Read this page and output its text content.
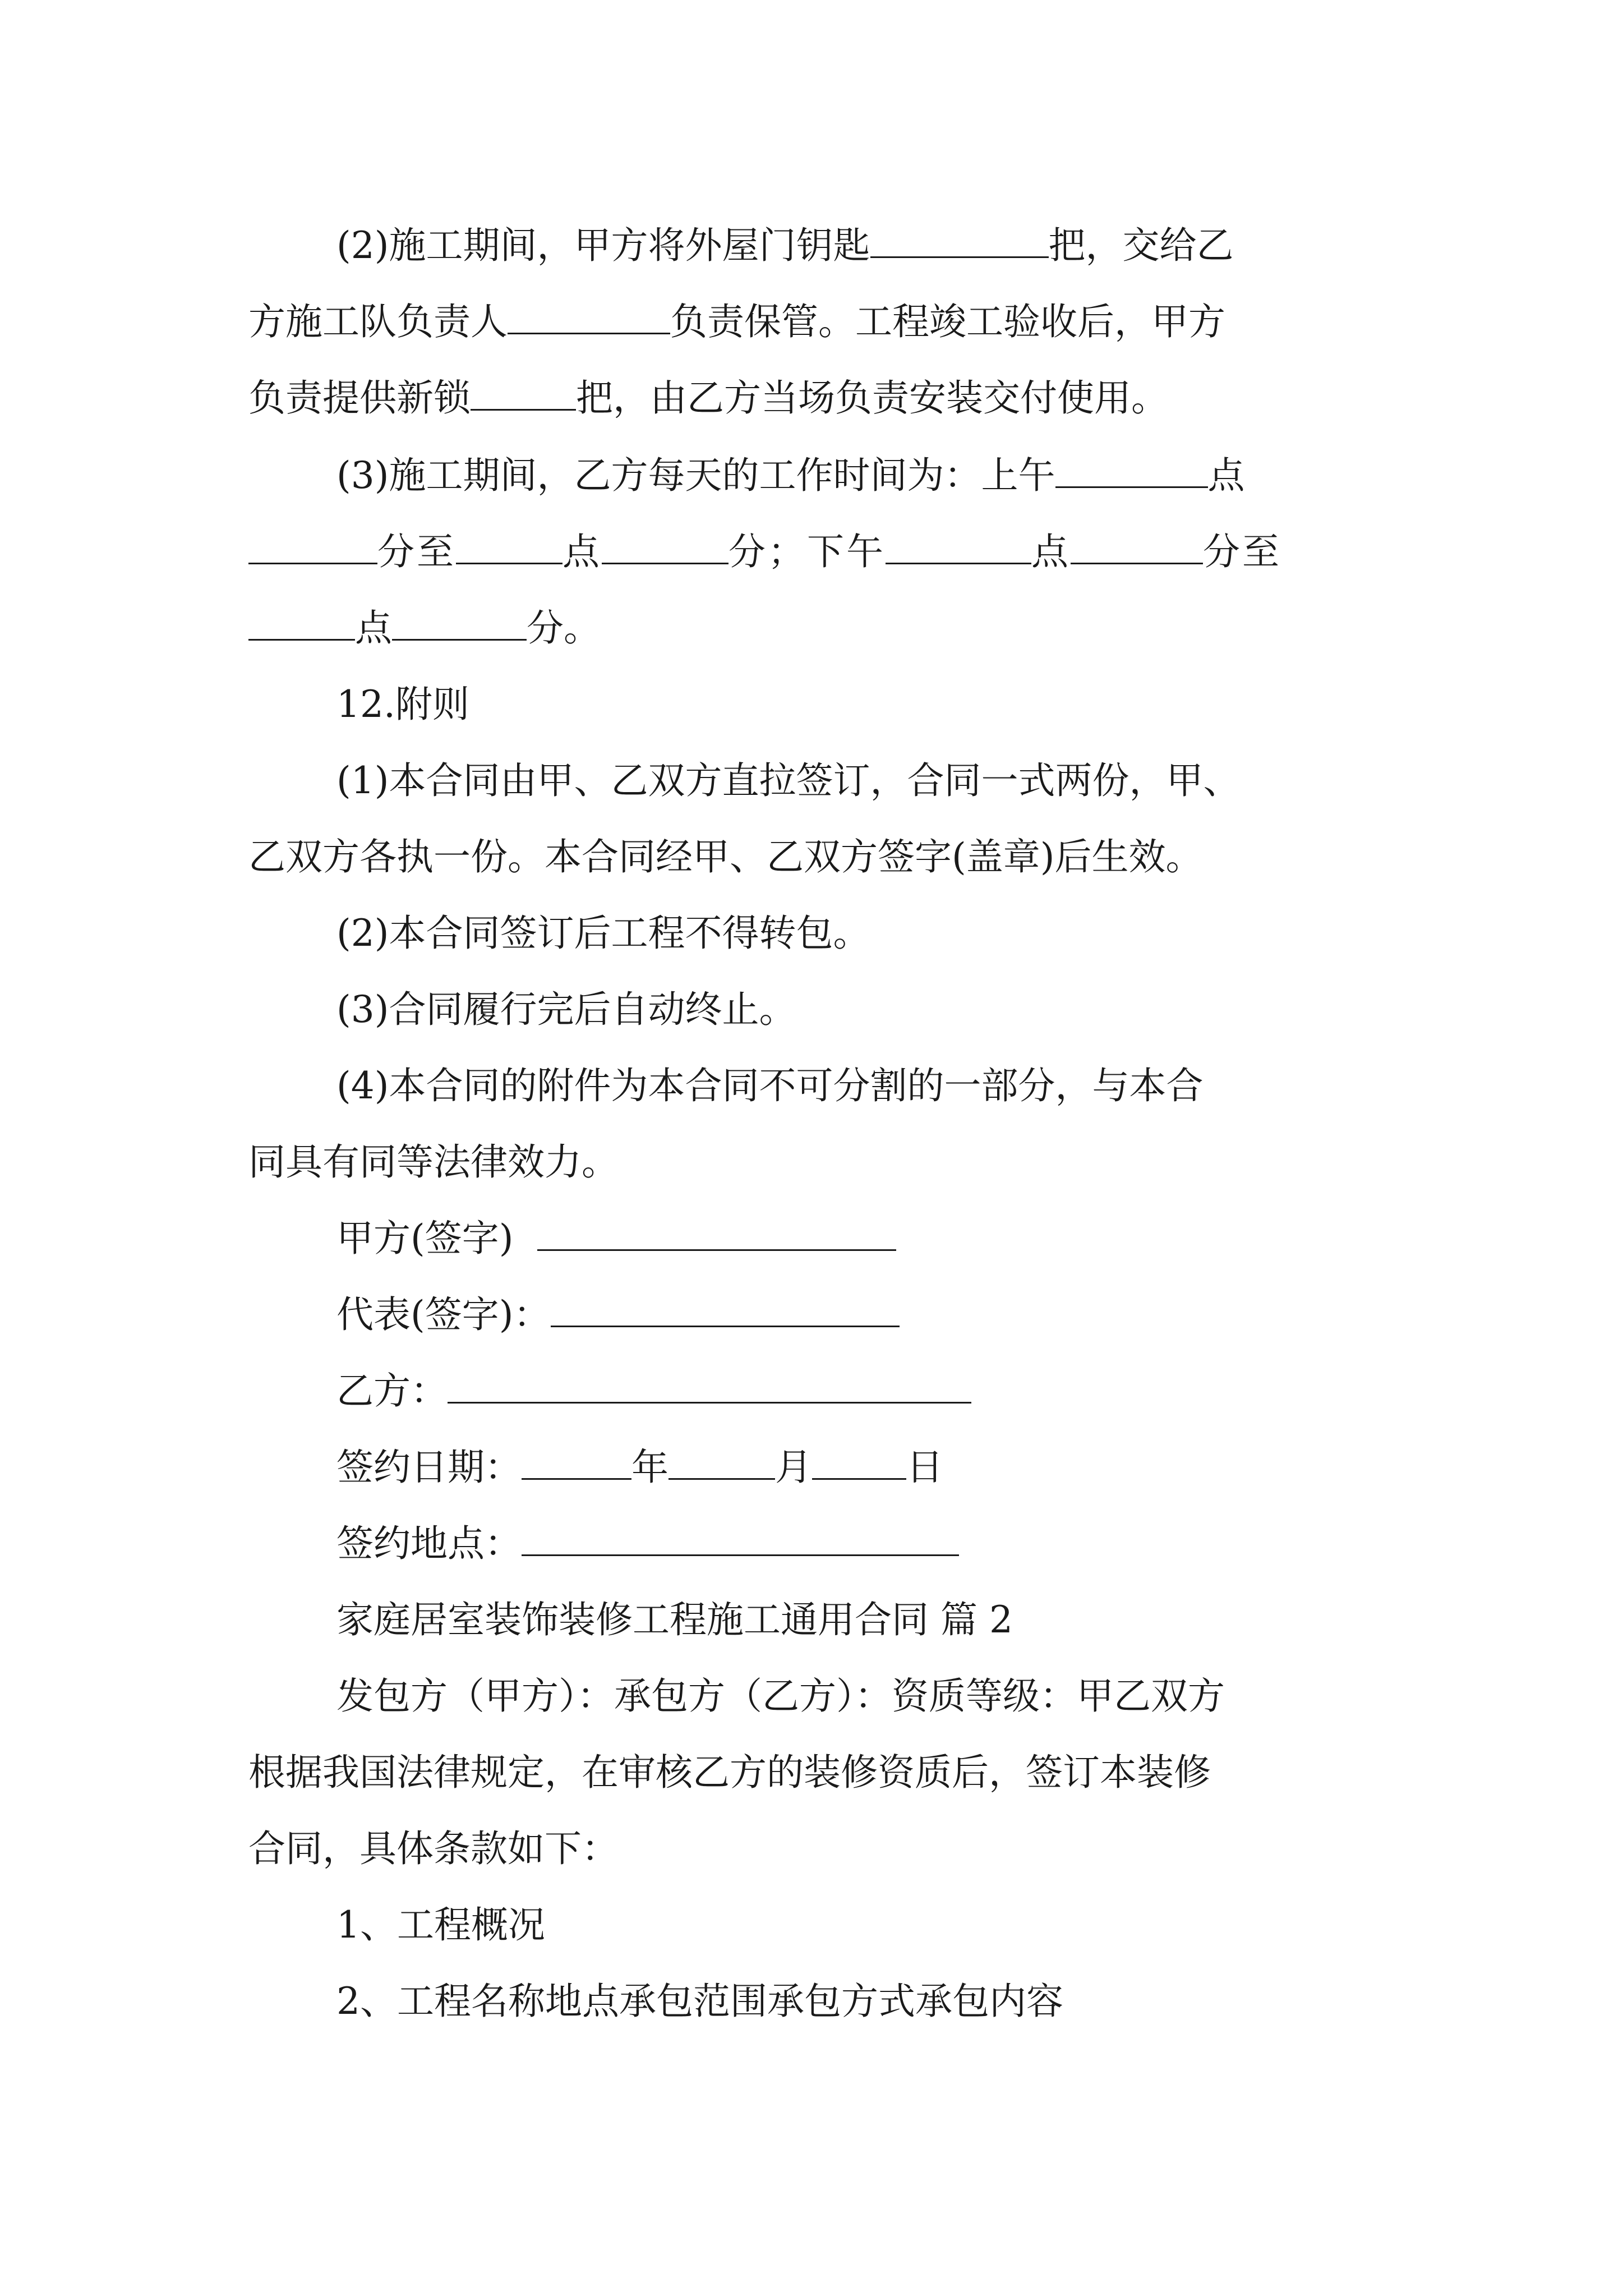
(2)施工期间，甲方将外屋门钥匙	把，交给乙

方施工队负责人	负责保管。工程竣工验收后，甲方

负责提供新锁	把，由乙方当场负责安装交付使用。

(3)施工期间，乙方每天的工作时间为：上午	点

分至	点	分；下午	点	分至

点	分。

12.附则

(1)本合同由甲、乙双方直拉签订，合同一式两份，甲、

乙双方各执一份。本合同经甲、乙双方签字(盖章)后生效。

(2)本合同签订后工程不得转包。

(3)合同履行完后自动终止。

(4)本合同的附件为本合同不可分割的一部分，与本合

同具有同等法律效力。

甲方(签字)

代表(签字)：

乙方：

签约日期：	年	月	日

签约地点：

家庭居室装饰装修工程施工通用合同 篇 2

发包方（甲方）：承包方（乙方）：资质等级：甲乙双方

根据我国法律规定，在审核乙方的装修资质后，签订本装修

合同，具体条款如下：

1、工程概况

2、工程名称地点承包范围承包方式承包内容
